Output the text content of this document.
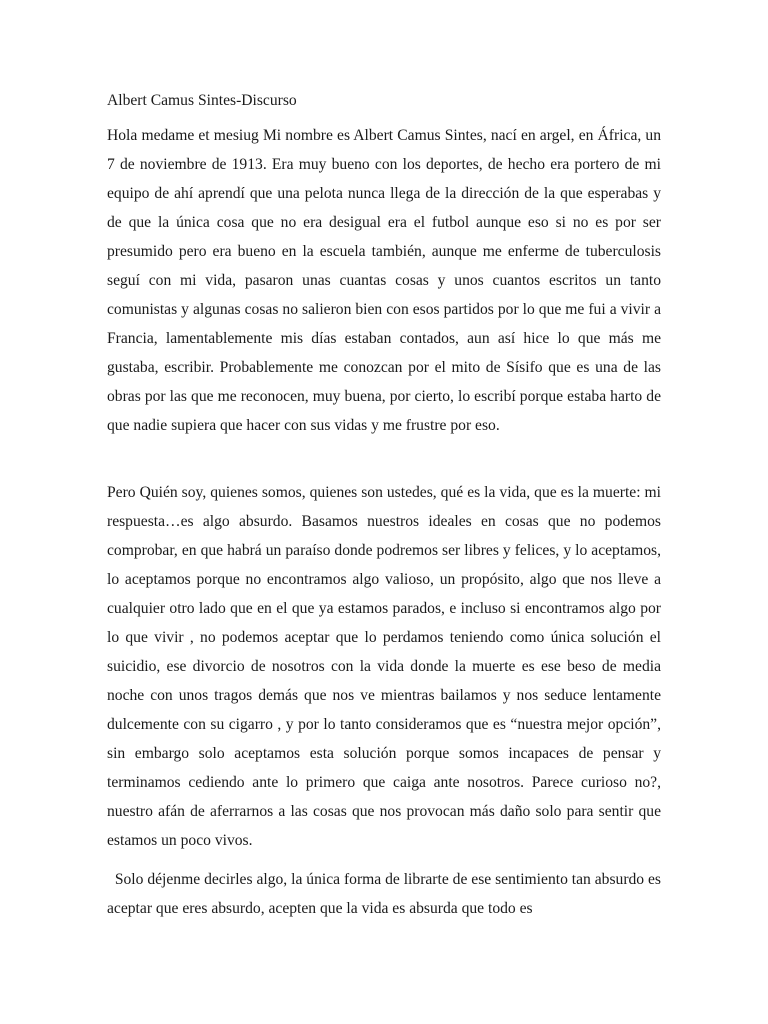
Albert Camus Sintes-Discurso

Hola medame et mesiug Mi nombre es Albert Camus Sintes, nací en argel, en África, un 7 de noviembre de 1913. Era muy bueno con los deportes, de hecho era portero de mi equipo de ahí aprendí que una pelota nunca llega de la dirección de la que esperabas y de que la única cosa que no era desigual era el futbol aunque eso si no es por ser presumido pero era bueno en la escuela también, aunque me enferme de tuberculosis seguí con mi vida, pasaron unas cuantas cosas y unos cuantos escritos un tanto comunistas y algunas cosas no salieron bien con esos partidos por lo que me fui a vivir a Francia, lamentablemente mis días estaban contados, aun así hice lo que más me gustaba, escribir. Probablemente me conozcan por el mito de Sísifo que es una de las obras por las que me reconocen, muy buena, por cierto, lo escribí porque estaba harto de que nadie supiera que hacer con sus vidas y me frustre por eso.

Pero Quién soy, quienes somos, quienes son ustedes, qué es la vida, que es la muerte: mi respuesta…es algo absurdo. Basamos nuestros ideales en cosas que no podemos comprobar, en que habrá un paraíso donde podremos ser libres y felices, y lo aceptamos, lo aceptamos porque no encontramos algo valioso, un propósito, algo que nos lleve a cualquier otro lado que en el que ya estamos parados, e incluso si encontramos algo por lo que vivir , no podemos aceptar que lo perdamos teniendo como única solución el suicidio, ese divorcio de nosotros con la vida donde la muerte es ese beso de media noche con unos tragos demás que nos ve mientras bailamos y nos seduce lentamente dulcemente con su cigarro , y por lo tanto consideramos que es “nuestra mejor opción”, sin embargo solo aceptamos esta solución porque somos incapaces de pensar y terminamos cediendo ante lo primero que caiga ante nosotros. Parece curioso no?, nuestro afán de aferrarnos a las cosas que nos provocan más daño solo para sentir que estamos un poco vivos.

Solo déjenme decirles algo, la única forma de librarte de ese sentimiento tan absurdo es aceptar que eres absurdo, acepten que la vida es absurda que todo es
